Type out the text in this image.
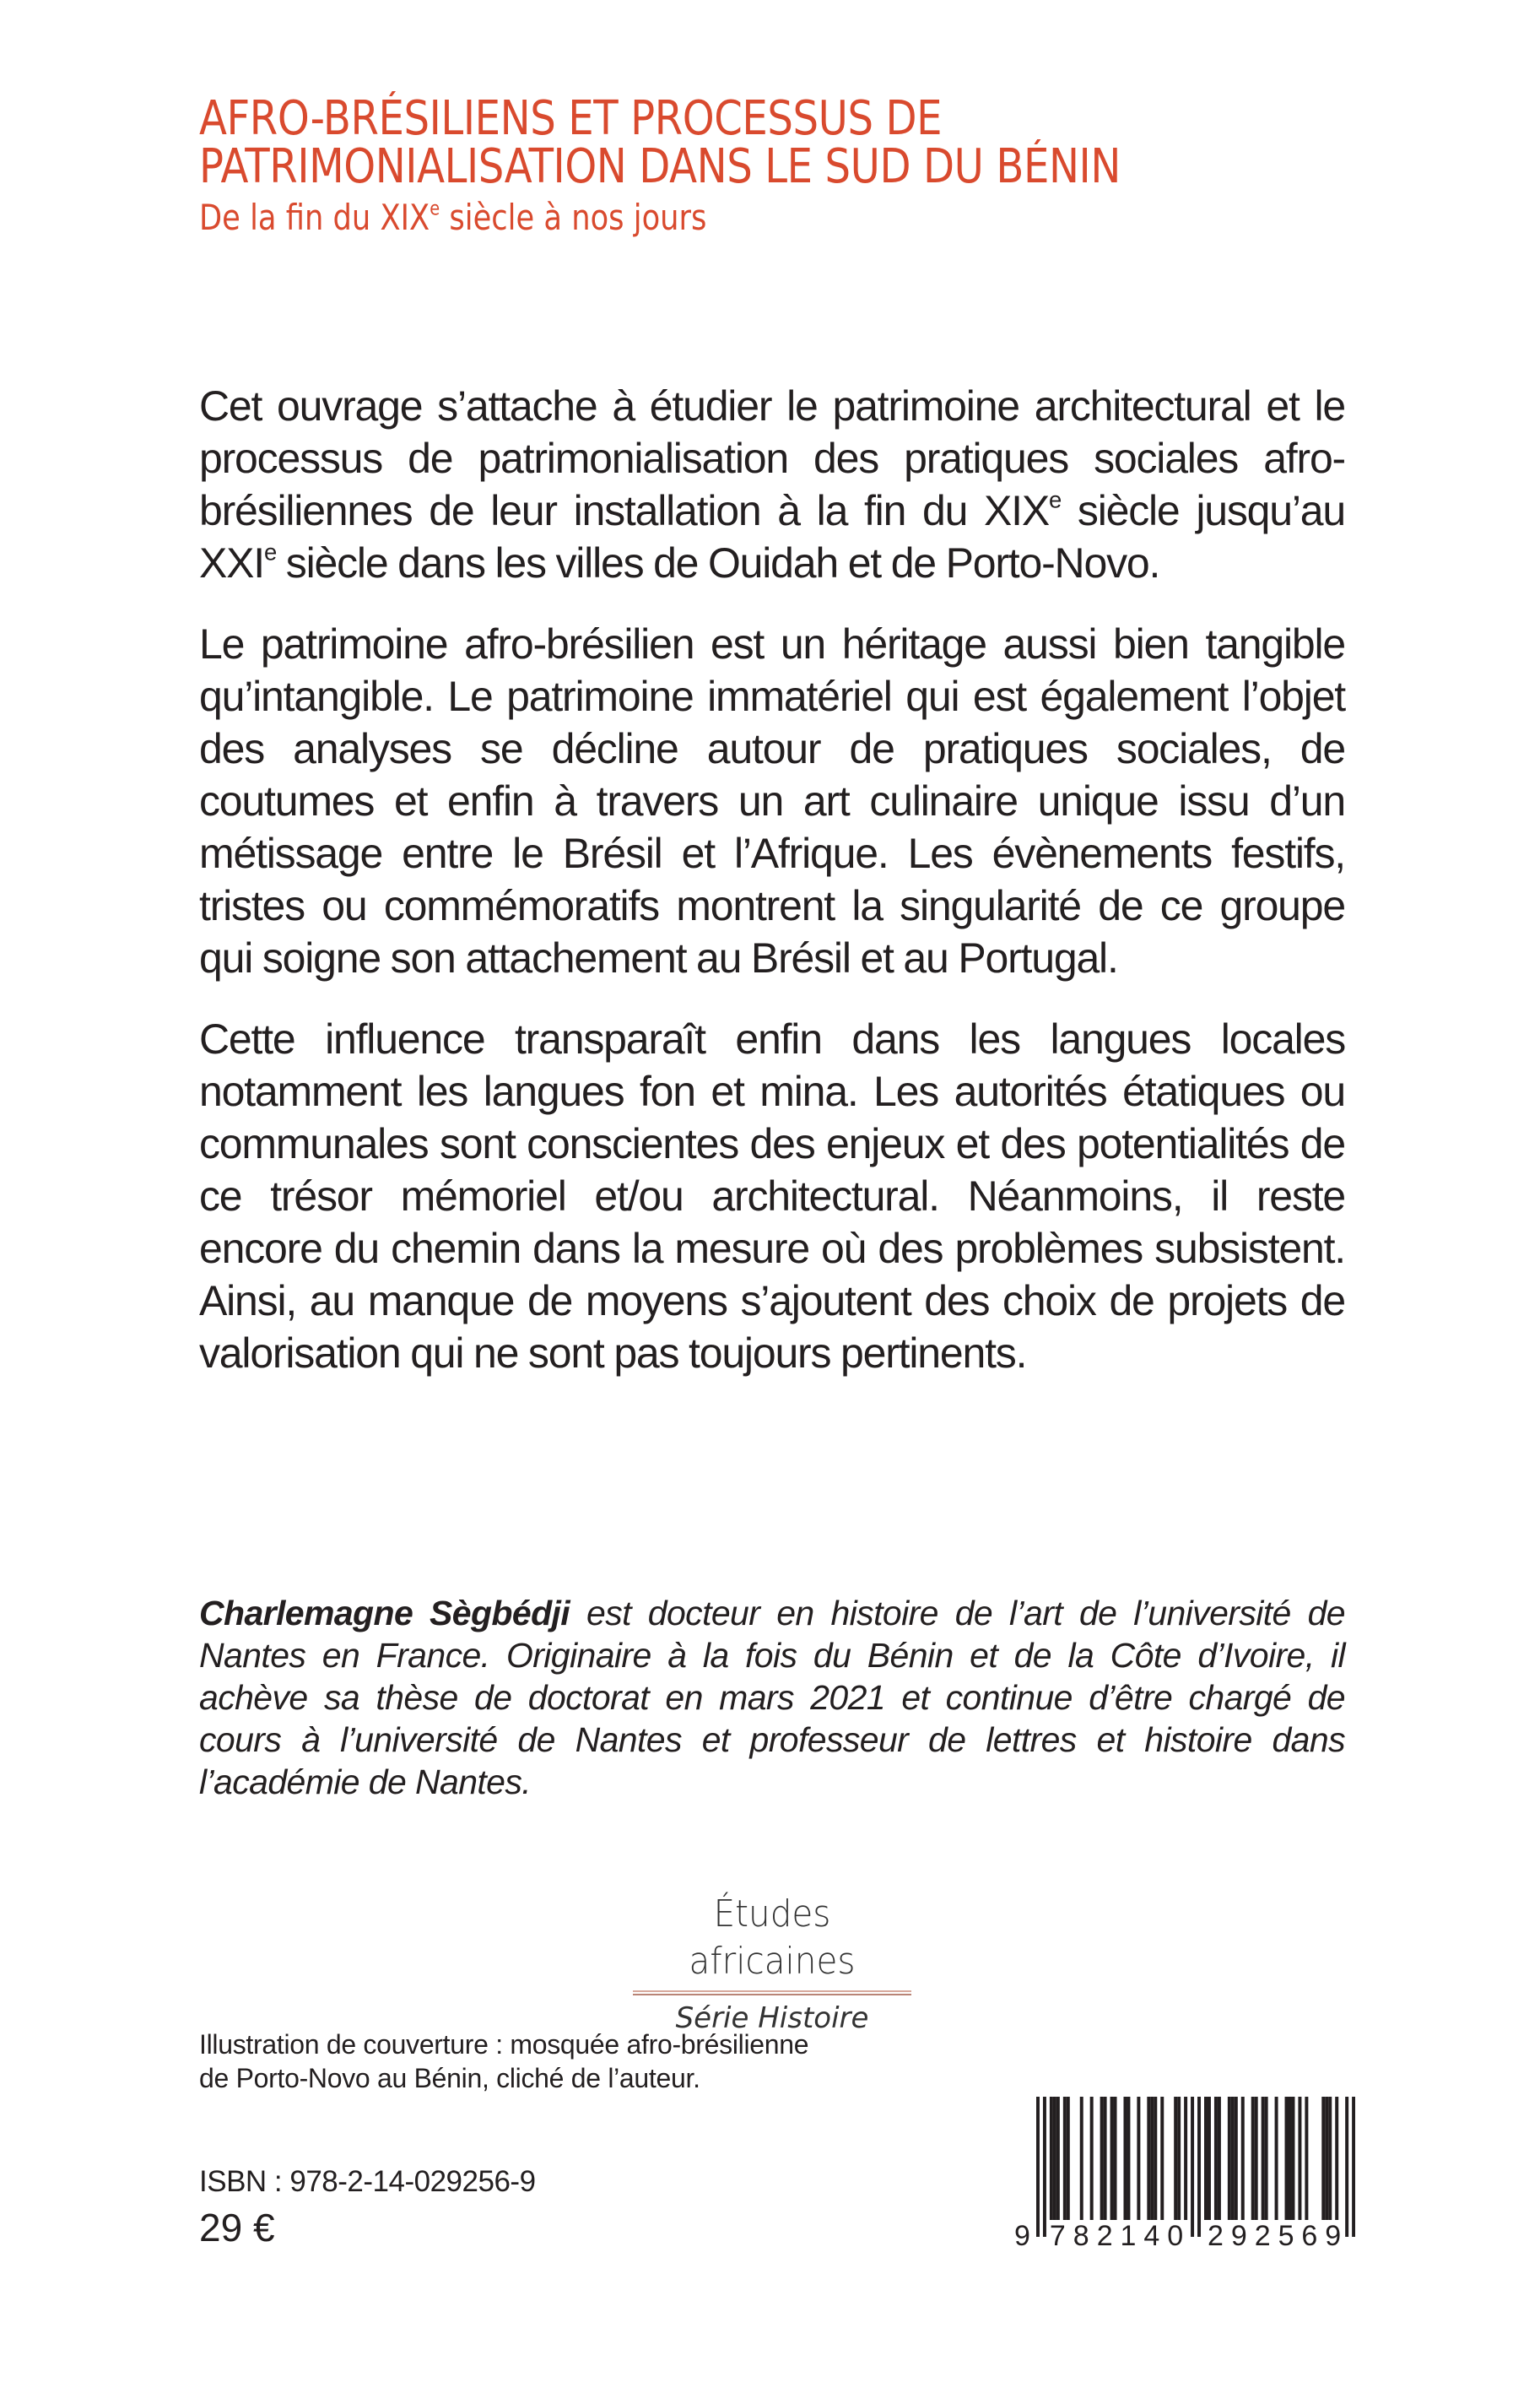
AFRO-BRÉSILIENS ET PROCESSUS DE
PATRIMONIALISATION DANS LE SUD DU BÉNIN
De la fin du XIXe siècle à nos jours

Cet ouvrage s’attache à étudier le patrimoine architectural et le processus de patrimonialisation des pratiques sociales afro-brésiliennes de leur installation à la fin du XIXe siècle jusqu’au XXIe siècle dans les villes de Ouidah et de Porto-Novo.

Le patrimoine afro-brésilien est un héritage aussi bien tangible qu’intangible. Le patrimoine immatériel qui est également l’objet des analyses se décline autour de pratiques sociales, de coutumes et enfin à travers un art culinaire unique issu d’un métissage entre le Brésil et l’Afrique. Les évènements festifs, tristes ou commémoratifs montrent la singularité de ce groupe qui soigne son attachement au Brésil et au Portugal.

Cette influence transparaît enfin dans les langues locales notamment les langues fon et mina. Les autorités étatiques ou communales sont conscientes des enjeux et des potentialités de ce trésor mémoriel et/ou architectural. Néanmoins, il reste encore du chemin dans la mesure où des problèmes subsistent. Ainsi, au manque de moyens s’ajoutent des choix de projets de valorisation qui ne sont pas toujours pertinents.

Charlemagne Sègbédji est docteur en histoire de l’art de l’université de Nantes en France. Originaire à la fois du Bénin et de la Côte d’Ivoire, il achève sa thèse de doctorat en mars 2021 et continue d’être chargé de cours à l’université de Nantes et professeur de lettres et histoire dans l’académie de Nantes.

Études africaines
Série Histoire

Illustration de couverture : mosquée afro-brésilienne

de Porto-Novo au Bénin, cliché de l’auteur.

ISBN : 978-2-14-029256-9
29 €	9 7	2
8	9
2	2
1	5
4	6
0	9
